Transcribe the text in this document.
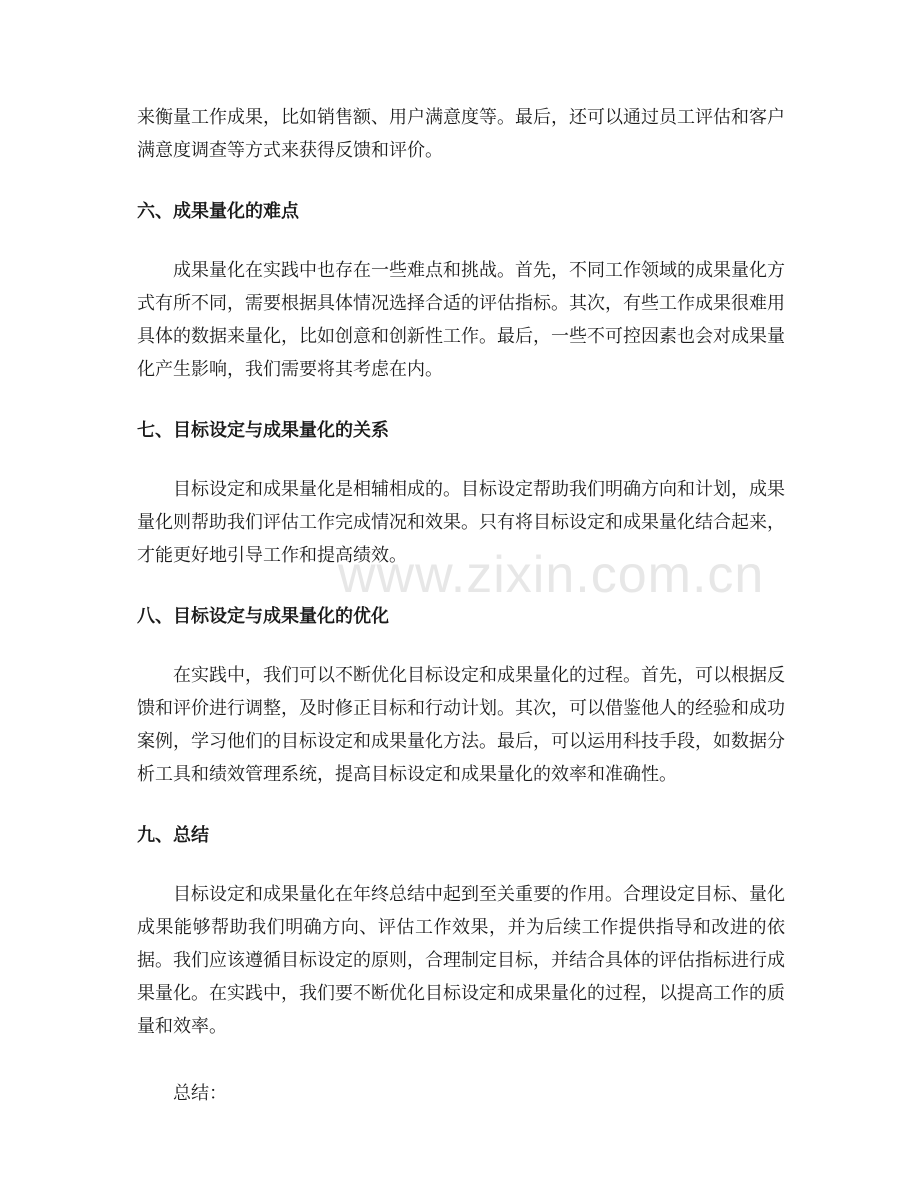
来衡量工作成果，比如销售额、用户满意度等。最后，还可以通过员工评估和客户满意度调查等方式来获得反馈和评价。

六、成果量化的难点

成果量化在实践中也存在一些难点和挑战。首先，不同工作领域的成果量化方式有所不同，需要根据具体情况选择合适的评估指标。其次，有些工作成果很难用具体的数据来量化，比如创意和创新性工作。最后，一些不可控因素也会对成果量化产生影响，我们需要将其考虑在内。

七、目标设定与成果量化的关系

目标设定和成果量化是相辅相成的。目标设定帮助我们明确方向和计划，成果量化则帮助我们评估工作完成情况和效果。只有将目标设定和成果量化结合起来，才能更好地引导工作和提高绩效。

八、目标设定与成果量化的优化

在实践中，我们可以不断优化目标设定和成果量化的过程。首先，可以根据反馈和评价进行调整，及时修正目标和行动计划。其次，可以借鉴他人的经验和成功案例，学习他们的目标设定和成果量化方法。最后，可以运用科技手段，如数据分析工具和绩效管理系统，提高目标设定和成果量化的效率和准确性。

九、总结

目标设定和成果量化在年终总结中起到至关重要的作用。合理设定目标、量化成果能够帮助我们明确方向、评估工作效果，并为后续工作提供指导和改进的依据。我们应该遵循目标设定的原则，合理制定目标，并结合具体的评估指标进行成果量化。在实践中，我们要不断优化目标设定和成果量化的过程，以提高工作的质量和效率。

总结：

www.zixin.com.cn
